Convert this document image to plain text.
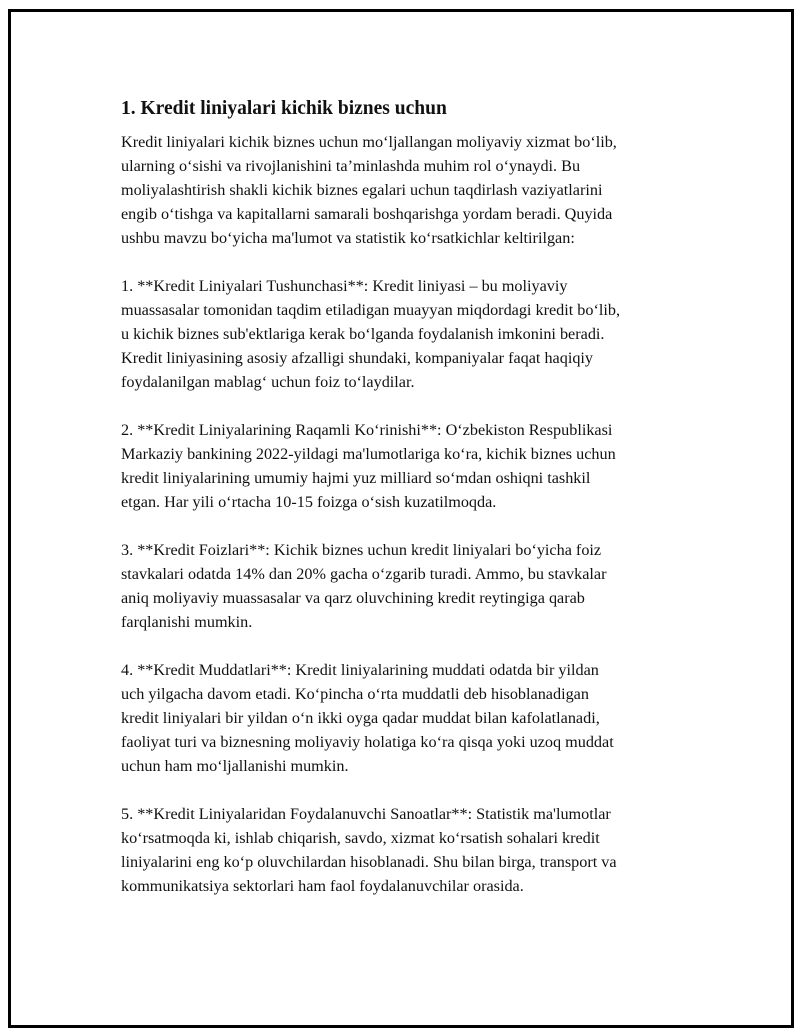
1. Kredit liniyalari kichik biznes uchun

Kredit liniyalari kichik biznes uchun mo‘ljallangan moliyaviy xizmat bo‘lib,
ularning o‘sishi va rivojlanishini ta’minlashda muhim rol o‘ynaydi. Bu
moliyalashtirish shakli kichik biznes egalari uchun taqdirlash vaziyatlarini
engib o‘tishga va kapitallarni samarali boshqarishga yordam beradi. Quyida
ushbu mavzu bo‘yicha ma'lumot va statistik ko‘rsatkichlar keltirilgan:

1. **Kredit Liniyalari Tushunchasi**: Kredit liniyasi – bu moliyaviy
muassasalar tomonidan taqdim etiladigan muayyan miqdordagi kredit bo‘lib,
u kichik biznes sub'ektlariga kerak bo‘lganda foydalanish imkonini beradi.
Kredit liniyasining asosiy afzalligi shundaki, kompaniyalar faqat haqiqiy
foydalanilgan mablag‘ uchun foiz to‘laydilar.

2. **Kredit Liniyalarining Raqamli Ko‘rinishi**: O‘zbekiston Respublikasi
Markaziy bankining 2022-yildagi ma'lumotlariga ko‘ra, kichik biznes uchun
kredit liniyalarining umumiy hajmi yuz milliard so‘mdan oshiqni tashkil
etgan. Har yili o‘rtacha 10-15 foizga o‘sish kuzatilmoqda.

3. **Kredit Foizlari**: Kichik biznes uchun kredit liniyalari bo‘yicha foiz
stavkalari odatda 14% dan 20% gacha o‘zgarib turadi. Ammo, bu stavkalar
aniq moliyaviy muassasalar va qarz oluvchining kredit reytingiga qarab
farqlanishi mumkin.

4. **Kredit Muddatlari**: Kredit liniyalarining muddati odatda bir yildan
uch yilgacha davom etadi. Ko‘pincha o‘rta muddatli deb hisoblanadigan
kredit liniyalari bir yildan o‘n ikki oyga qadar muddat bilan kafolatlanadi,
faoliyat turi va biznesning moliyaviy holatiga ko‘ra qisqa yoki uzoq muddat
uchun ham mo‘ljallanishi mumkin.

5. **Kredit Liniyalaridan Foydalanuvchi Sanoatlar**: Statistik ma'lumotlar
ko‘rsatmoqda ki, ishlab chiqarish, savdo, xizmat ko‘rsatish sohalari kredit
liniyalarini eng ko‘p oluvchilardan hisoblanadi. Shu bilan birga, transport va
kommunikatsiya sektorlari ham faol foydalanuvchilar orasida.
